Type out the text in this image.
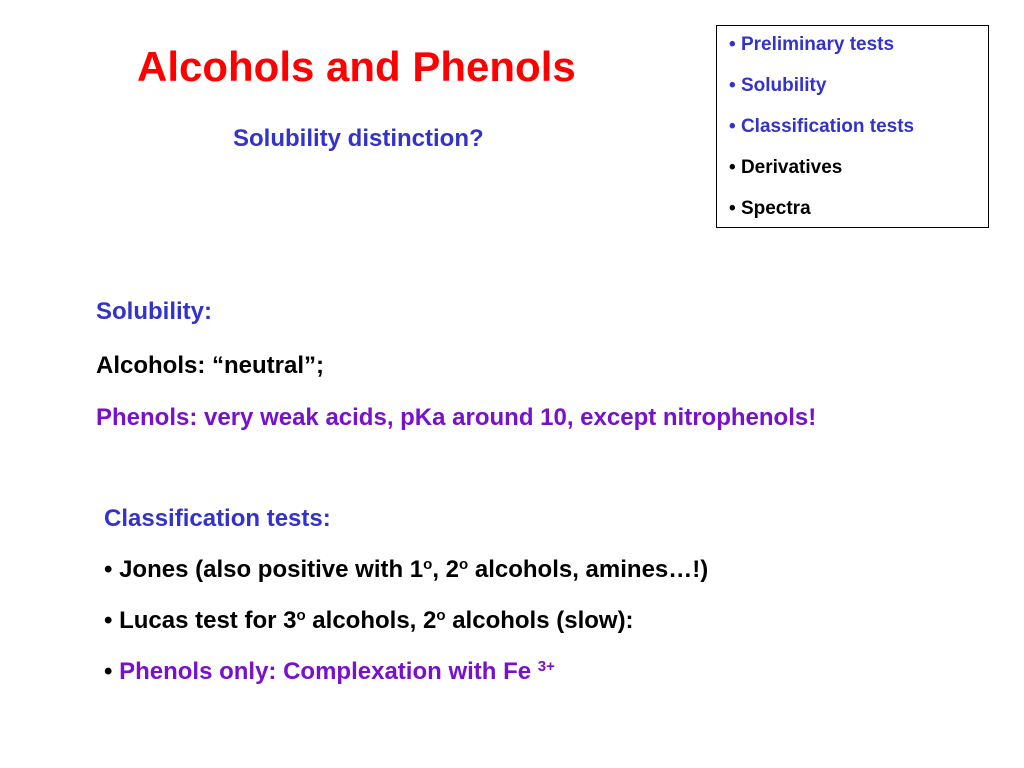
Alcohols and Phenols
Solubility distinction?
• Preliminary tests
• Solubility
• Classification tests
• Derivatives
• Spectra
Solubility:
Alcohols: “neutral”;
Phenols: very weak acids, pKa around 10, except nitrophenols!
Classification tests:
• Jones (also positive with 1$^o$, 2$^o$ alcohols, amines…!)
• Lucas test for 3$^o$ alcohols, 2$^o$ alcohols (slow):
• Phenols only: Complexation with Fe $^{3+}$
